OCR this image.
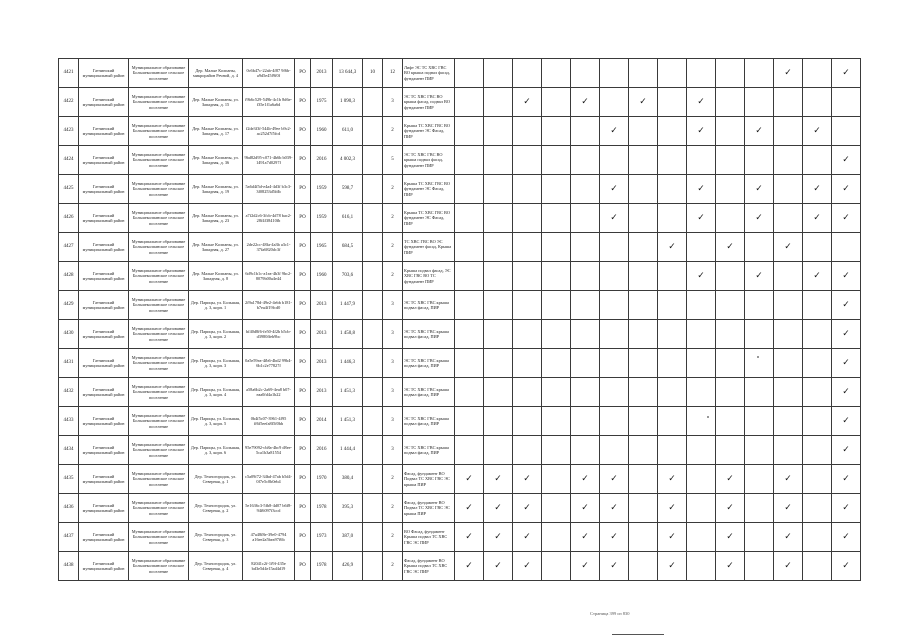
4421	Гатчинский муниципальный район	Муниципальное образование Большеколпанское сельское поселение	Дер. Малые Колпаны, микрорайон Речной, д. 4	0c6b47c-22ab-4f87 9f6b-a9d5e45f9f0f	РО	2013	13 644,3	10	12	Лифт ЭС ТС ХВС ГВС ВО крыша подвал фасад, фундамент ПИР												✓		✓
4422	Гатчинский муниципальный район	Муниципальное образование Большеколпанское сельское поселение	Дер. Малые Колпаны, ул. Западная, д. 15	f9b6c529-549b-4c1b 8d6e-f35e1f1a6a6d	РО	1975	1 090,3		3	ЭС ТС ХВС ГВС ВО крыша фасад, подвал ВО фундамент ПИР			✓		✓		✓		✓					
4423	Гатчинский муниципальный район	Муниципальное образование Большеколпанское сельское поселение	Дер. Малые Колпаны, ул. Западная, д. 17	f2de3f3f-544b-49ee b9c2-ac252d7f5fcd	РО	1960	611,0		2	Крыша ТС ХВС ГВС ВО фундамент ЭС Фасад, ПИР						✓			✓		✓		✓	
4424	Гатчинский муниципальный район	Муниципальное образование Большеколпанское сельское поселение	Дер. Малые Колпаны, ул. Западная, д. 36	9bd82d95-c071-4b6b b039-1491a7d0297f	РО	2016	4 002,3		5	ЭС ТС ХВС ГВС ВО крыша подвал фасад, фундамент ПИР														✓
4425	Гатчинский муниципальный район	Муниципальное образование Большеколпанское сельское поселение	Дер. Малые Колпаны, ул. Западная, д. 19	5a6d4f5d-e4a4-4d3f b3c3-3f08253d5fdb	РО	1959	598,7		2	Крыша ТС ХВС ГВС ВО фундамент ЭС Фасад, ПИР						✓			✓		✓		✓	✓
4426	Гатчинский муниципальный район	Муниципальное образование Большеколпанское сельское поселение	Дер. Малые Колпаны, ул. Западная, д. 23	a7f2d2c6-3fcb-4d78 bac2-28f4f38410fb	РО	1959	616,1		2	Крыша ТС ХВС ГВС ВО фундамент ЭС Фасад, ПИР						✓			✓		✓		✓	✓
4427	Гатчинский муниципальный район	Муниципальное образование Большеколпанское сельское поселение	Дер. Малые Колпаны, ул. Западная, д. 27	2de22cc-48fa-4a3b a3c1-37fa6820dc3f	РО	1965	684,5		2	ТС ХВС ГВС ВО ЭС фундамент фасад, Крыша ПИР								✓		✓		✓		
4428	Гатчинский муниципальный район	Муниципальное образование Большеколпанское сельское поселение	Дер. Малые Колпаны, ул. Западная, д. 8	6d9c1b1c-a1ea-4b3f 9bc2-8079b00a4e44	РО	1960	703,6		2	Крыша подвал фасад, ЭС ХВС ГВС ВО ТС фундамент ПИР									✓		✓		✓	✓
4429	Гатчинский муниципальный район	Муниципальное образование Большеколпанское сельское поселение	Дер. Парицы, ул. Большая, д. 3, корп. 1	2f9a178d-49e2-4ebb b181-b7ea4f19fcd0	РО	2013	1 447,9		3	ЭС ТС ХВС ГВС крыша подвал фасад, ПИР														✓
4430	Гатчинский муниципальный район	Муниципальное образование Большеколпанское сельское поселение	Дер. Парицы, ул. Большая, д. 3, корп. 2	bf40d8f6-fe50-4f2b b5cb-d3980ffeb9bc	РО	2013	1 450,8		3	ЭС ТС ХВС ГВС крыша подвал фасад, ПИР														✓
4431	Гатчинский муниципальный район	Муниципальное образование Большеколпанское сельское поселение	Дер. Парицы, ул. Большая, д. 3, корп. 3	0a5e59ea-4fb6-4bd2 99b4-6b1c2e77827f	РО	2013	1 446,3		3	ЭС ТС ХВС ГВС крыша подвал фасад, ПИР														✓
4432	Гатчинский муниципальный район	Муниципальное образование Большеколпанское сельское поселение	Дер. Парицы, ул. Большая, д. 3, корп. 4	a58a6b2c-2a69-4ea8 b07-eaa0fd4a1b22	РО	2013	1 451,3		3	ЭС ТС ХВС ГВС крыша подвал фасад, ПИР														✓
4433	Гатчинский муниципальный район	Муниципальное образование Большеколпанское сельское поселение	Дер. Парицы, ул. Большая, д. 3, корп. 5	0b4f5c07-3961-4f95 ff6f5eefa8f5f0bb	РО	2014	1 451,3		3	ЭС ТС ХВС ГВС крыша подвал фасад, ПИР														✓
4434	Гатчинский муниципальный район	Муниципальное образование Большеколпанское сельское поселение	Дер. Парицы, ул. Большая, д. 3, корп. 6	95e79092-cb8a-4bc9 d8ee-5ca1b3a81554	РО	2016	1 444,4		3	ЭС ТС ХВС ГВС крыша подвал фасад, ПИР														✓
4435	Гатчинский муниципальный район	Муниципальное образование Большеколпанское сельское поселение	Дер. Техногородок, ул. Северная, д. 1	c5a09f72-34bd-47ab b5d4-0f7e5c0b0eb4	РО	1970	380,4		2	Фасад, фундамент ВО Подвал ТС ХВС ГВС ЭС крыша ПИР	✓	✓	✓		✓	✓		✓		✓		✓		✓
4436	Гатчинский муниципальный район	Муниципальное образование Большеколпанское сельское поселение	Дер. Техногородок, ул. Северная, д. 2	5e1636c3-5fb8-4d07 b6f8-94f6097f3ccd	РО	1978	395,3		2	Фасад, фундамент ВО Подвал ТС ХВС ГВС ЭС крыша ПИР	✓	✓	✓		✓	✓		✓		✓		✓		✓
4437	Гатчинский муниципальный район	Муниципальное образование Большеколпанское сельское поселение	Дер. Техногородок, ул. Северная, д. 3	47a48f8e-39e0-4794 a16ee2a5bea97f6b	РО	1973	387,0		2	ВО Фасад, фундамент Крыша подвал ТС ХВС ГВС ЭС ПИР	✓	✓	✓		✓	✓		✓		✓		✓		✓
4438	Гатчинский муниципальный район	Муниципальное образование Большеколпанское сельское поселение	Дер. Техногородок, ул. Северная, д. 4	82041c2f-1f9f-435e bd3e5d4e15ad4d19	РО	1978	426,9		2	Фасад, фундамент ВО Крыша подвал ТС ХВС ГВС ЭС ПИР	✓	✓	✓		✓	✓		✓		✓		✓		✓
Страница 399 из 830
